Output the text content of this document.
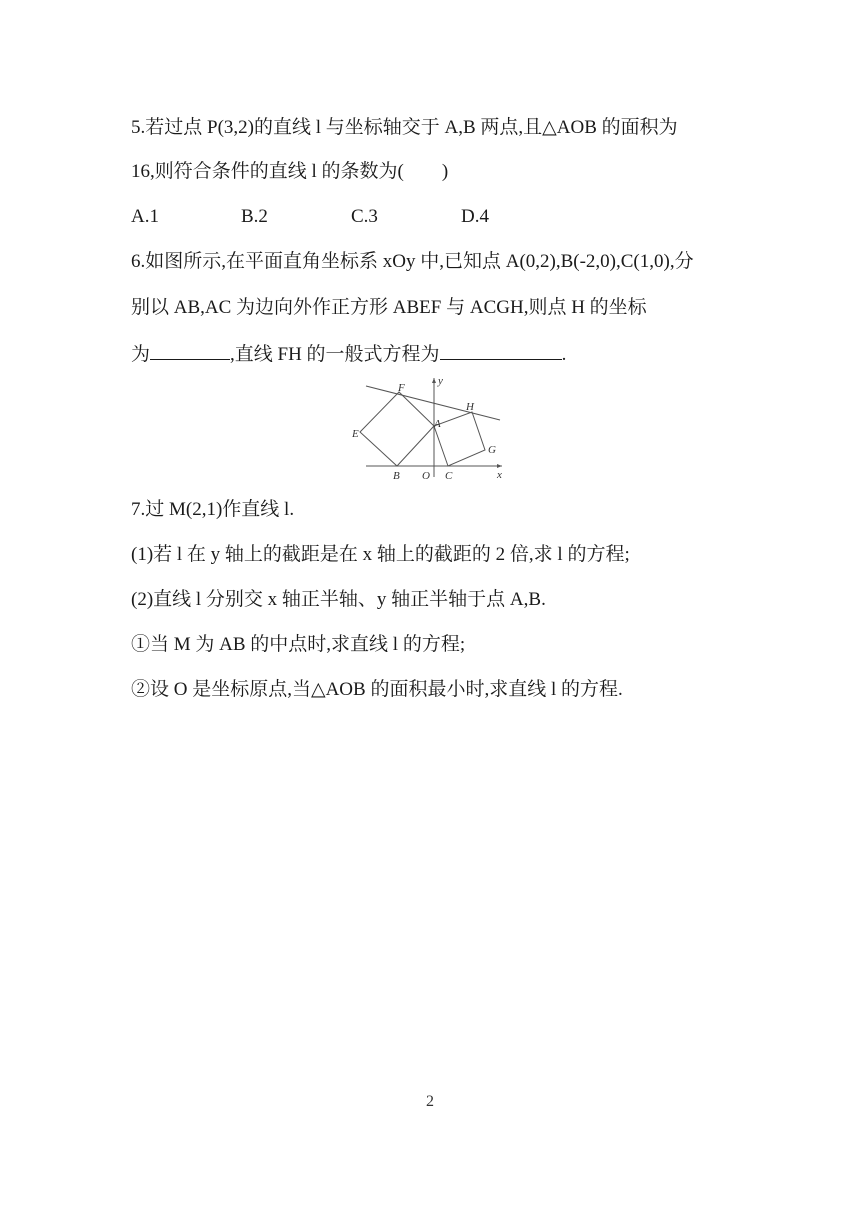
5.若过点 P(3,2)的直线 l 与坐标轴交于 A,B 两点,且△AOB 的面积为
16,则符合条件的直线 l 的条数为(　　)
A.1	B.2	C.3	D.4
6.如图所示,在平面直角坐标系 xOy 中,已知点 A(0,2),B(-2,0),C(1,0),分
别以 AB,AC 为边向外作正方形 ABEF 与 ACGH,则点 H 的坐标
为	,直线 FH 的一般式方程为	.
F
H
E
A
G
B O C	x
y
7.过 M(2,1)作直线 l.
(1)若 l 在 y 轴上的截距是在 x 轴上的截距的 2 倍,求 l 的方程;
(2)直线 l 分别交 x 轴正半轴、y 轴正半轴于点 A,B.
①当 M 为 AB 的中点时,求直线 l 的方程;
②设 O 是坐标原点,当△AOB 的面积最小时,求直线 l 的方程.
2
